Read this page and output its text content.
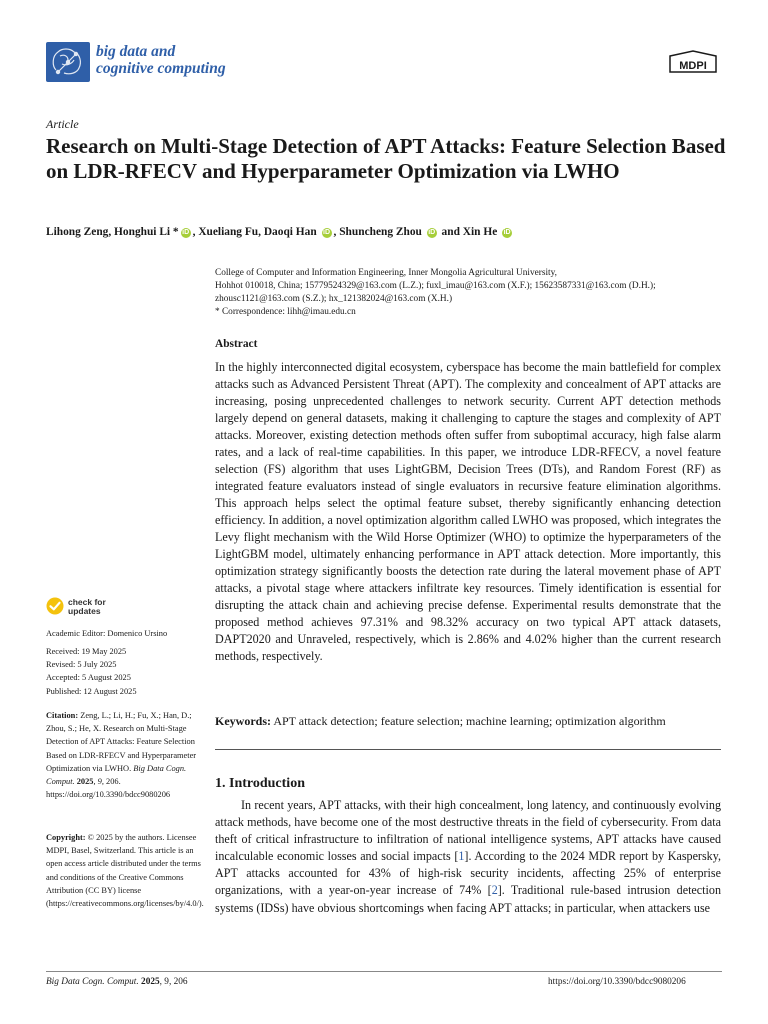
big data and
cognitive computing	MDPI
Article
Research on Multi-Stage Detection of APT Attacks: Feature Selection Based on LDR-RFECV and Hyperparameter Optimization via LWHO
Lihong Zeng, Honghui Li * iD , Xueliang Fu, Daoqi Han iD , Shuncheng Zhou iD and Xin He iD
College of Computer and Information Engineering, Inner Mongolia Agricultural University,
Hohhot 010018, China; 15779524329@163.com (L.Z.); fuxl_imau@163.com (X.F.); 15623587331@163.com (D.H.);
zhousc1121@163.com (S.Z.); hx_121382024@163.com (X.H.)
* Correspondence: lihh@imau.edu.cn
Abstract
In the highly interconnected digital ecosystem, cyberspace has become the main battlefield for complex attacks such as Advanced Persistent Threat (APT). The complexity and concealment of APT attacks are increasing, posing unprecedented challenges to network security. Current APT detection methods largely depend on general datasets, making it challenging to capture the stages and complexity of APT attacks. Moreover, existing detection methods often suffer from suboptimal accuracy, high false alarm rates, and a lack of real-time capabilities. In this paper, we introduce LDR-RFECV, a novel feature selection (FS) algorithm that uses LightGBM, Decision Trees (DTs), and Random Forest (RF) as integrated feature evaluators instead of single evaluators in recursive feature elimination algorithms. This approach helps select the optimal feature subset, thereby significantly enhancing detection efficiency. In addition, a novel optimization algorithm called LWHO was proposed, which integrates the Levy flight mechanism with the Wild Horse Optimizer (WHO) to optimize the hyperparameters of the LightGBM model, ultimately enhancing performance in APT attack detection. More importantly, this optimization strategy significantly boosts the detection rate during the lateral movement phase of APT attacks, a pivotal stage where attackers infiltrate key resources. Timely identification is essential for disrupting the attack chain and achieving precise defense. Experimental results demonstrate that the proposed method achieves 97.31% and 98.32% accuracy on two typical APT attack datasets, DAPT2020 and Unraveled, respectively, which is 2.86% and 4.02% higher than the current research methods, respectively.
Keywords: APT attack detection; feature selection; machine learning; optimization algorithm
1. Introduction
In recent years, APT attacks, with their high concealment, long latency, and continuously evolving attack methods, have become one of the most destructive threats in the field of cybersecurity. From data theft of critical infrastructure to infiltration of national intelligence systems, APT attacks have caused incalculable economic losses and social impacts [1]. According to the 2024 MDR report by Kaspersky, APT attacks accounted for 43% of high-risk security incidents, affecting 25% of enterprise organizations, with a year-on-year increase of 74% [2]. Traditional rule-based intrusion detection systems (IDSs) have obvious shortcomings when facing APT attacks; in particular, when attackers use
check for
updates
Academic Editor: Domenico Ursino
Received: 19 May 2025
Revised: 5 July 2025
Accepted: 5 August 2025
Published: 12 August 2025
Citation: Zeng, L.; Li, H.; Fu, X.; Han, D.; Zhou, S.; He, X. Research on Multi-Stage Detection of APT Attacks: Feature Selection Based on LDR-RFECV and Hyperparameter Optimization via LWHO. Big Data Cogn. Comput. 2025, 9, 206. https://doi.org/10.3390/bdcc9080206
Copyright: © 2025 by the authors. Licensee MDPI, Basel, Switzerland. This article is an open access article distributed under the terms and conditions of the Creative Commons Attribution (CC BY) license (https://creativecommons.org/licenses/by/4.0/).
Big Data Cogn. Comput. 2025, 9, 206	https://doi.org/10.3390/bdcc9080206
